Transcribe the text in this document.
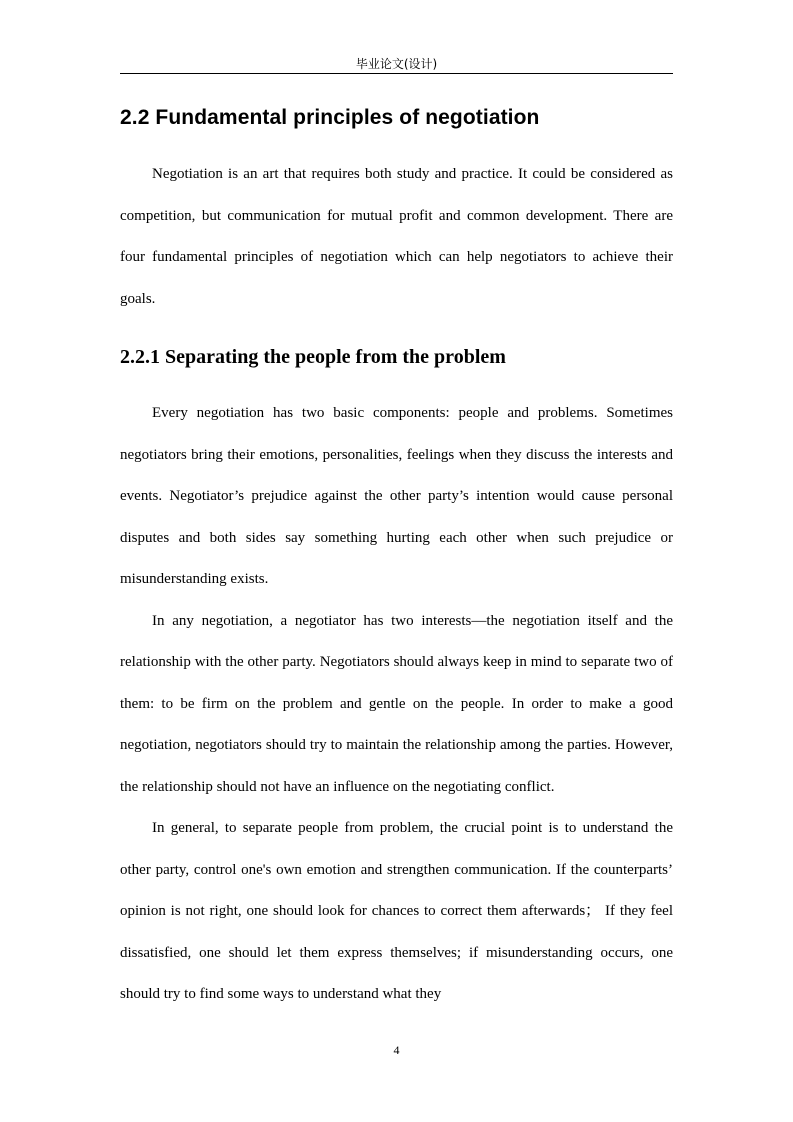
毕业论文(设计)
2.2 Fundamental principles of negotiation

Negotiation is an art that requires both study and practice. It could be considered as competition, but communication for mutual profit and common development. There are four fundamental principles of negotiation which can help negotiators to achieve their goals.

2.2.1 Separating the people from the problem

Every negotiation has two basic components: people and problems. Sometimes negotiators bring their emotions, personalities, feelings when they discuss the interests and events. Negotiator’s prejudice against the other party’s intention would cause personal disputes and both sides say something hurting each other when such prejudice or misunderstanding exists.

In any negotiation, a negotiator has two interests—the negotiation itself and the relationship with the other party. Negotiators should always keep in mind to separate two of them: to be firm on the problem and gentle on the people. In order to make a good negotiation, negotiators should try to maintain the relationship among the parties. However, the relationship should not have an influence on the negotiating conflict.

In general, to separate people from problem, the crucial point is to understand the other party, control one's own emotion and strengthen communication. If the counterparts’ opinion is not right, one should look for chances to correct them afterwards； If they feel dissatisfied, one should let them express themselves; if misunderstanding occurs, one should try to find some ways to understand what they

4
